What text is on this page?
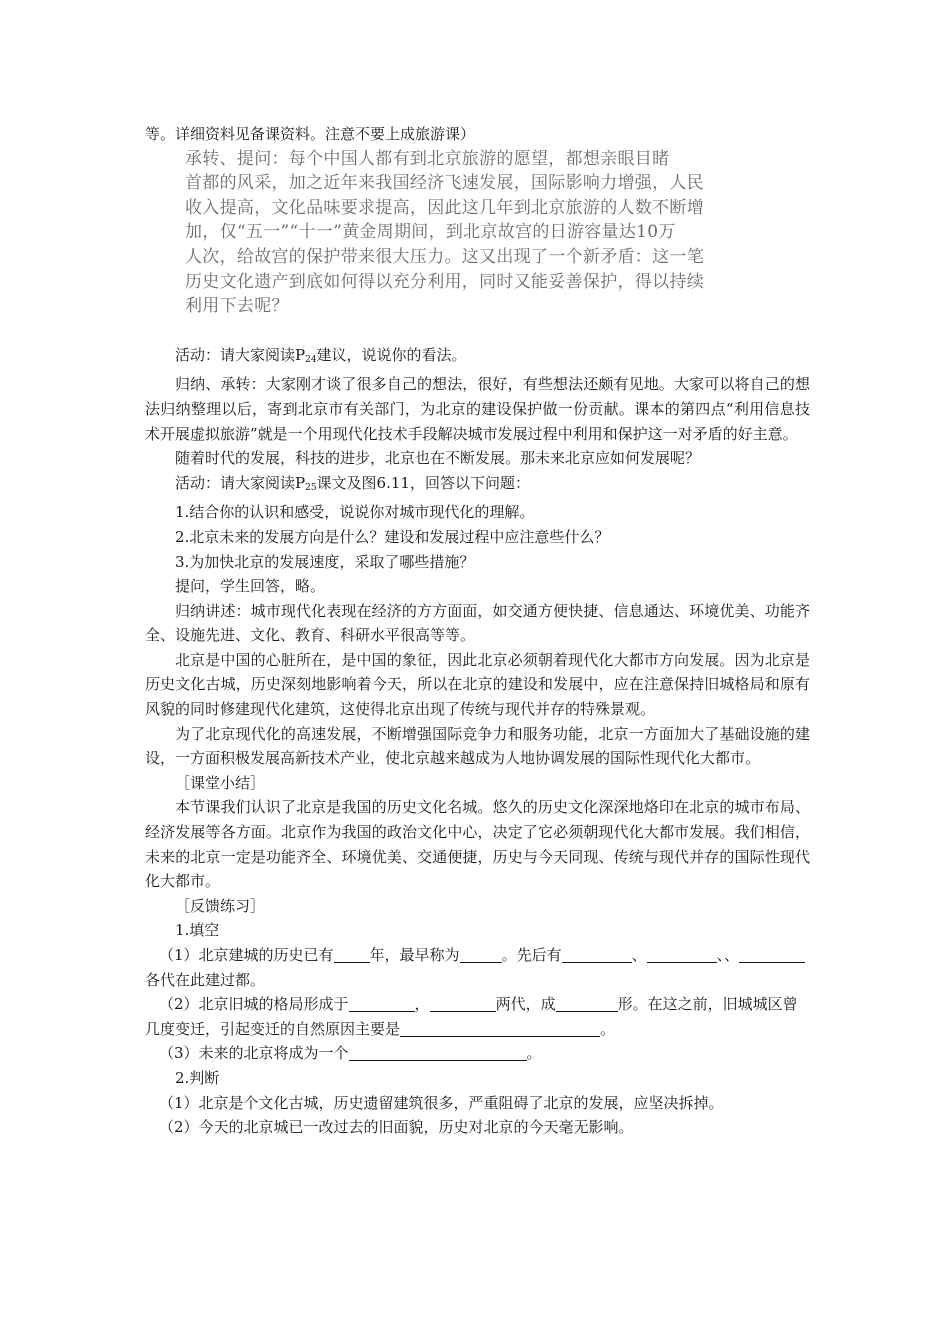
等。详细资料见备课资料。注意不要上成旅游课）

承转、提问：每个中国人都有到北京旅游的愿望，都想亲眼目睹
首都的风采，加之近年来我国经济飞速发展，国际影响力增强，人民
收入提高，文化品味要求提高，因此这几年到北京旅游的人数不断增
加，仅“五一”“十一”黄金周期间，到北京故宫的日游容量达10万
人次，给故宫的保护带来很大压力。这又出现了一个新矛盾：这一笔
历史文化遗产到底如何得以充分利用，同时又能妥善保护，得以持续
利用下去呢？

活动：请大家阅读$P_{24}$建议，说说你的看法。

归纳、承转：大家刚才谈了很多自己的想法，很好，有些想法还颇有见地。大家可以将自己的想法归纳整理以后，寄到北京市有关部门，为北京的建设保护做一份贡献。课本的第四点“利用信息技术开展虚拟旅游”就是一个用现代化技术手段解决城市发展过程中利用和保护这一对矛盾的好主意。

随着时代的发展，科技的进步，北京也在不断发展。那未来北京应如何发展呢？

活动：请大家阅读$P_{25}$课文及图6.11，回答以下问题：

1.结合你的认识和感受，说说你对城市现代化的理解。

2.北京未来的发展方向是什么？建设和发展过程中应注意些什么？

3.为加快北京的发展速度，采取了哪些措施？

提问，学生回答，略。

归纳讲述：城市现代化表现在经济的方方面面，如交通方便快捷、信息通达、环境优美、功能齐全、设施先进、文化、教育、科研水平很高等等。

北京是中国的心脏所在，是中国的象征，因此北京必须朝着现代化大都市方向发展。因为北京是历史文化古城，历史深刻地影响着今天，所以在北京的建设和发展中，应在注意保持旧城格局和原有风貌的同时修建现代化建筑，这使得北京出现了传统与现代并存的特殊景观。

为了北京现代化的高速发展，不断增强国际竞争力和服务功能，北京一方面加大了基础设施的建设，一方面积极发展高新技术产业，使北京越来越成为人地协调发展的国际性现代化大都市。

［课堂小结］

本节课我们认识了北京是我国的历史文化名城。悠久的历史文化深深地烙印在北京的城市布局、经济发展等各方面。北京作为我国的政治文化中心，决定了它必须朝现代化大都市发展。我们相信，未来的北京一定是功能齐全、环境优美、交通便捷，历史与今天同现、传统与现代并存的国际性现代化大都市。

［反馈练习］

1.填空

（1）北京建城的历史已有 年，最早称为	。先后有	、	、、各代在此建过都。

（2）北京旧城的格局形成于	，	两代，成	形。在这之前，旧城城区曾几度变迁，引起变迁的自然原因主要是	。

（3）未来的北京将成为一个	。

2.判断

（1）北京是个文化古城，历史遗留建筑很多，严重阻碍了北京的发展，应坚决拆掉。

（2）今天的北京城已一改过去的旧面貌，历史对北京的今天毫无影响。
